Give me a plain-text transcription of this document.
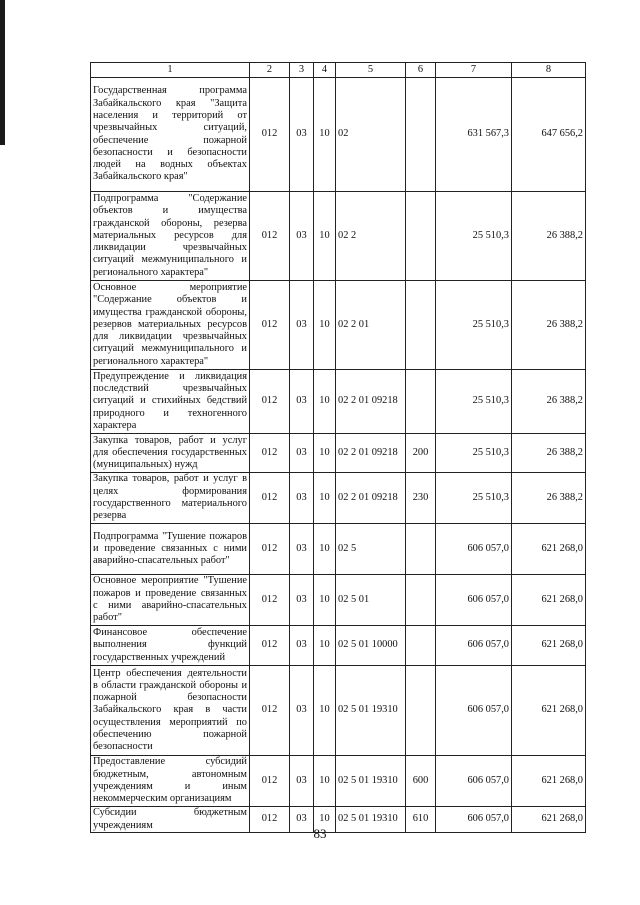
1	2	3	4	5	6	7	8
Государственная программа Забайкальского края "Защита населения и территорий от чрезвычайных ситуаций, обеспечение пожарной безопасности и безопасности людей на водных объектах Забайкальского края"	012	03	10	02		631 567,3	647 656,2
Подпрограмма "Содержание объектов и имущества гражданской обороны, резерва материальных ресурсов для ликвидации чрезвычайных ситуаций межмуниципального и регионального характера"	012	03	10	02 2		25 510,3	26 388,2
Основное мероприятие "Содержание объектов и имущества гражданской обороны, резервов материальных ресурсов для ликвидации чрезвычайных ситуаций межмуниципального и регионального характера"	012	03	10	02 2 01		25 510,3	26 388,2
Предупреждение и ликвидация последствий чрезвычайных ситуаций и стихийных бедствий природного и техногенного характера	012	03	10	02 2 01 09218		25 510,3	26 388,2
Закупка товаров, работ и услуг для обеспечения государственных (муниципальных) нужд	012	03	10	02 2 01 09218	200	25 510,3	26 388,2
Закупка товаров, работ и услуг в целях формирования государственного материального резерва	012	03	10	02 2 01 09218	230	25 510,3	26 388,2
Подпрограмма "Тушение пожаров и проведение связанных с ними аварийно-спасательных работ"	012	03	10	02 5		606 057,0	621 268,0
Основное мероприятие "Тушение пожаров и проведение связанных с ними аварийно-спасательных работ"	012	03	10	02 5 01		606 057,0	621 268,0
Финансовое обеспечение выполнения функций государственных учреждений	012	03	10	02 5 01 10000		606 057,0	621 268,0
Центр обеспечения деятельности в области гражданской обороны и пожарной безопасности Забайкальского края в части осуществления мероприятий по обеспечению пожарной безопасности	012	03	10	02 5 01 19310		606 057,0	621 268,0
Предоставление субсидий бюджетным, автономным учреждениям и иным некоммерческим организациям	012	03	10	02 5 01 19310	600	606 057,0	621 268,0
Субсидии бюджетным учреждениям	012	03	10	02 5 01 19310	610	606 057,0	621 268,0
83
